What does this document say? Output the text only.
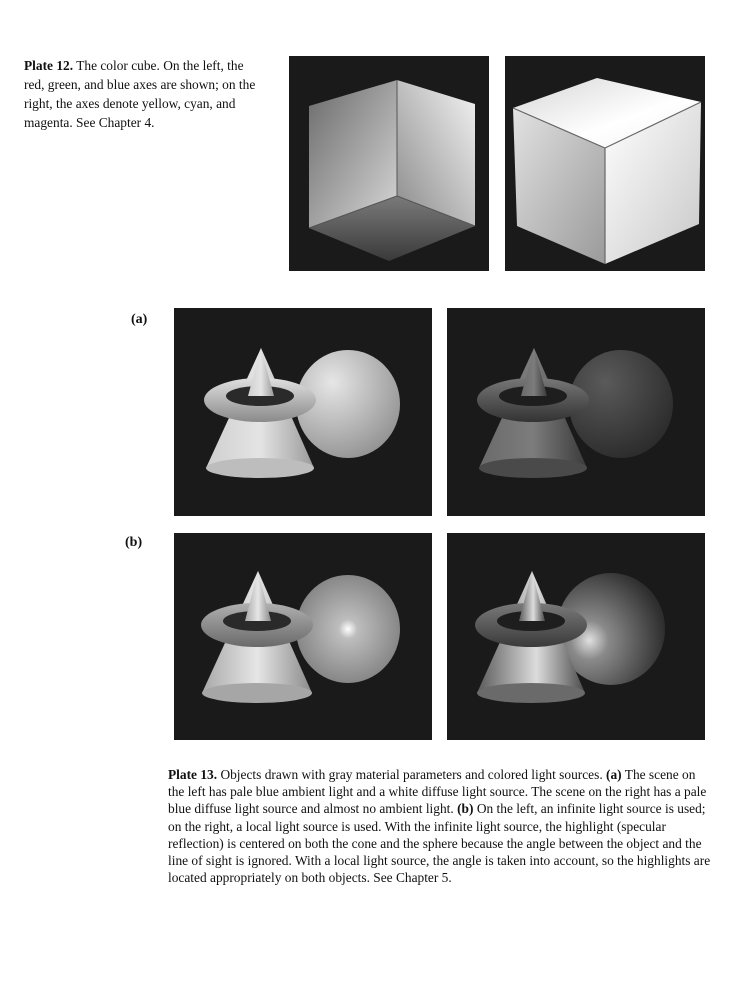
Plate 12. The color cube. On the left, the red, green, and blue axes are shown; on the right, the axes denote yellow, cyan, and magenta. See Chapter 4.
(a)
(b)
Plate 13. Objects drawn with gray material parameters and colored light sources. (a) The scene on the left has pale blue ambient light and a white diffuse light source. The scene on the right has a pale blue diffuse light source and almost no ambient light. (b) On the left, an infinite light source is used; on the right, a local light source is used. With the infinite light source, the highlight (specular reflection) is centered on both the cone and the sphere because the angle between the object and the line of sight is ignored. With a local light source, the angle is taken into account, so the highlights are located appropriately on both objects. See Chapter 5.
